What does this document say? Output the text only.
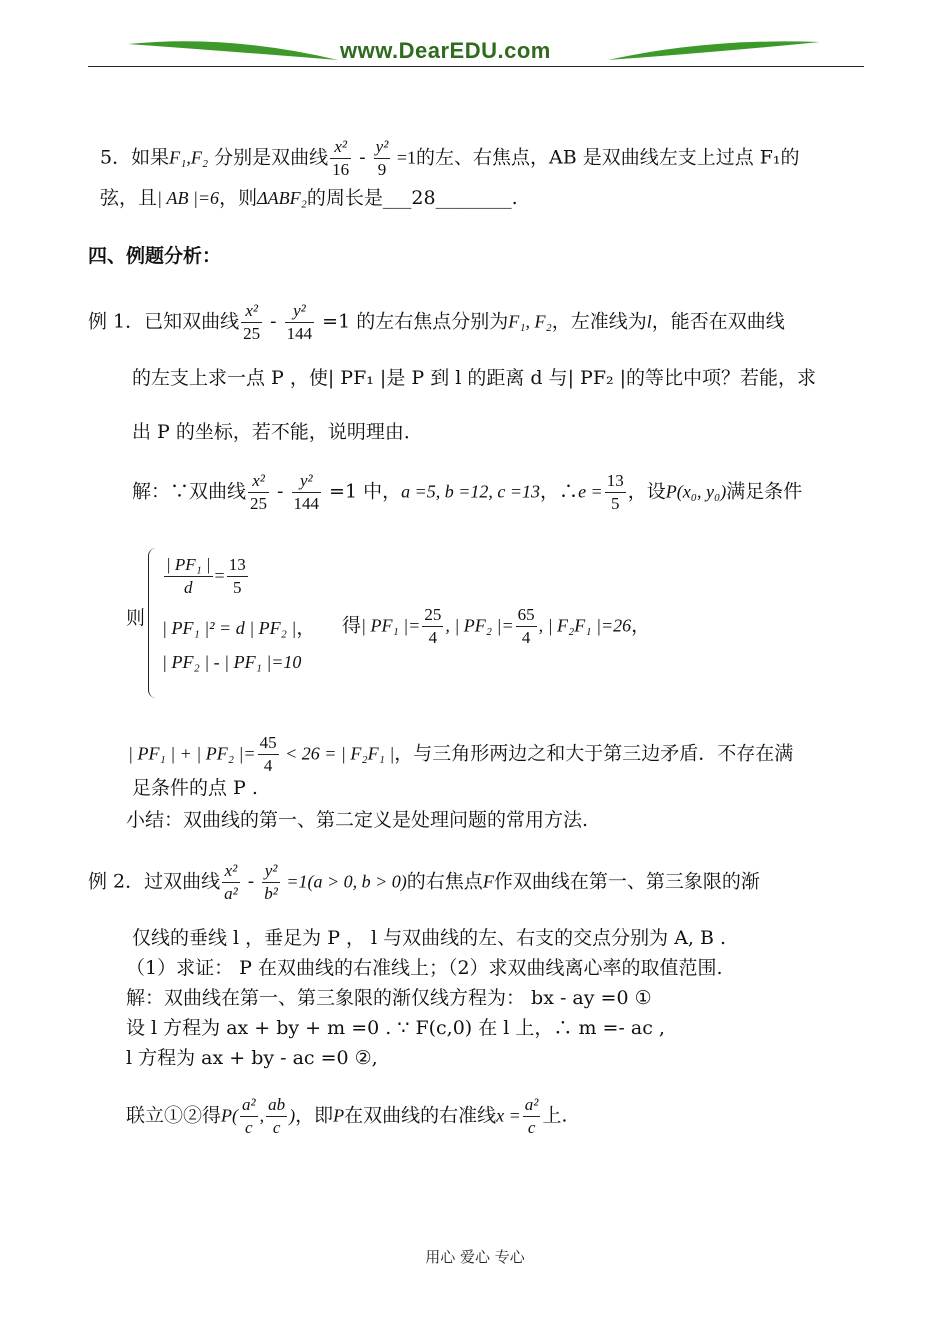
www.DearEDU.com
5．如果F₁,F₂ 分别是双曲线 $\frac{\text{x²}}{16} - \frac{\text{y²}}{9} =1$的左、右焦点，AB 是双曲线左支上过点 F₁的
弦，且| AB |=6，则ΔABF₂的周长是___28________.
四、例题分析：
例 1．已知双曲线 $\frac{\text{x²}}{25} - \frac{\text{y²}}{144} =1$ 的左右焦点分别为F₁, F₂，左准线为l，能否在双曲线
的左支上求一点 P ，使| PF₁ |是 P 到 l 的距离 d 与| PF₂ |的等比中项？若能，求
出 P 的坐标，若不能，说明理由．
解：∵双曲线 $\frac{\text{x²}}{25} - \frac{\text{y²}}{144} =1$ 中，a =5, b =12, c =13，∴e = $\frac{13}{5}$ ，设P(x₀, y₀)满足条件
则
$\frac{\text{| PF₁ |}}{d} = \frac{13}{5}$
| PF₁ |² = d | PF₂ |，
| PF₂ | - | PF₁ |=10
得| PF₁ |= $\frac{25}{4}$ , | PF₂ |= $\frac{65}{4}$ , | F₂F₁ |=26，
| PF₁ | + | PF₂ |= $\frac{45}{4} < 26$ = | F₂F₁ |，与三角形两边之和大于第三边矛盾．不存在满
足条件的点 P .
小结：双曲线的第一、第二定义是处理问题的常用方法.
例 2．过双曲线 $\frac{\text{x²}}{\text{a²}} - \frac{\text{y²}}{\text{b²}} =1(a > 0$, b > 0)的右焦点F作双曲线在第一、第三象限的渐
仅线的垂线 l ，垂足为 P ， l 与双曲线的左、右支的交点分别为 A, B .
（1）求证： P 在双曲线的右准线上；（2）求双曲线离心率的取值范围.
解：双曲线在第一、第三象限的渐仅线方程为： bx - ay =0 ①
设 l 方程为 ax + by + m =0 . ∵ F(c,0) 在 l 上，∴ m =- ac ,
l 方程为 ax + by - ac =0 ②,
联立①②得$P( \frac{\text{a²}}{c}$ , $\frac{ab}{c}$ )，即P在双曲线的右准线$x = \frac{\text{a²}}{c}$ 上.
用心 爱心 专心
